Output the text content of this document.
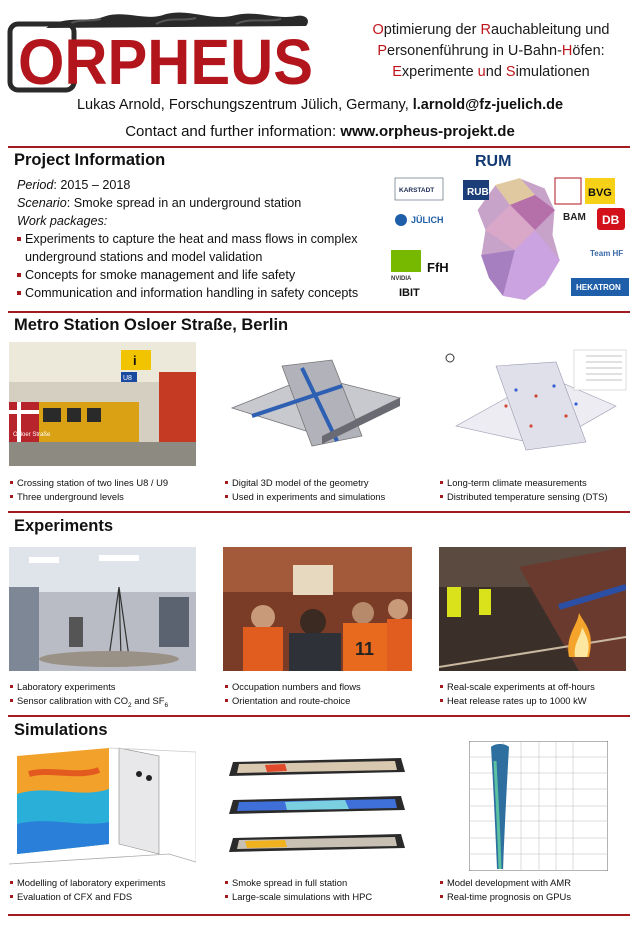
ORPHEUS	Optimierung der Rauchableitung und
Personenführung in U-Bahn-Höfen:
Experimente und Simulationen
Lukas Arnold, Forschungszentrum Jülich, Germany, l.arnold@fz-juelich.de
Contact and further information: www.orpheus-projekt.de
Project Information
Period: 2015 – 2018
Scenario: Smoke spread in an underground station
Work packages:
Experiments to capture the heat and mass flows in complex underground stations and model validation
Concepts for smoke management and life safety
Communication and information handling in safety concepts
RUM
KARSTADT	RUB
JÜLICH
NVIDIA
FfH
BVG
BAM DB
Team HF
HEKATRON
IBIT
Metro Station Osloer Straße, Berlin
i
U8
Osloer Straße
Crossing station of two lines U8 / U9
Three underground levels
Digital 3D model of the geometry
Used in experiments and simulations
Long-term climate measurements
Distributed temperature sensing (DTS)
Experiments
11
Laboratory experiments
Sensor calibration with $CO_2$ and $SF_6$
Occupation numbers and flows
Orientation and route-choice
Real-scale experiments at off-hours
Heat release rates up to 1000 kW
Simulations
Modelling of laboratory experiments
Evaluation of CFX and FDS
Smoke spread in full station
Large-scale simulations with HPC
Model development with AMR
Real-time prognosis on GPUs
